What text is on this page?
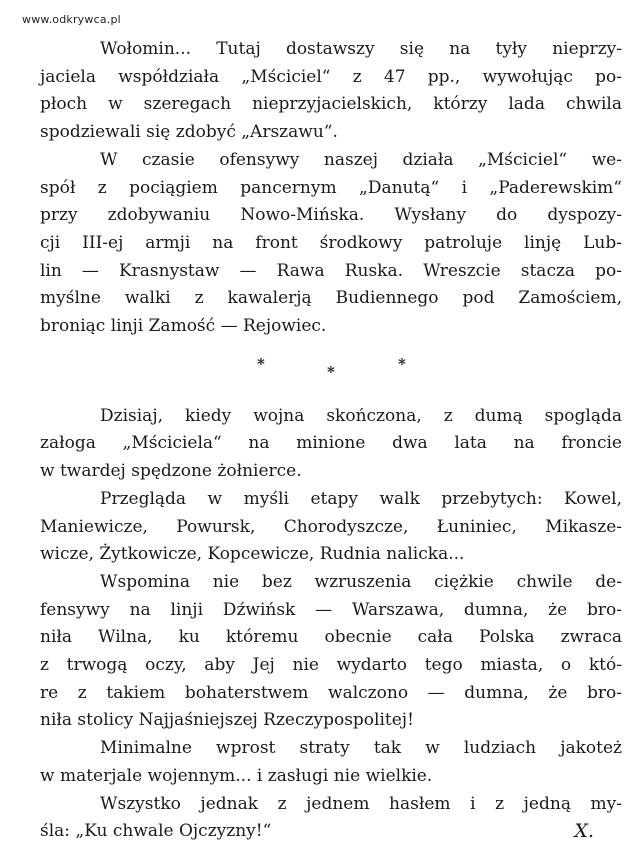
www.odkrywca.pl
Wołomin... Tutaj dostawszy się na tyły nieprzy-
jaciela współdziała „Mściciel“ z 47 pp., wywołując po-
płoch w szeregach nieprzyjacielskich, którzy lada chwila
spodziewali się zdobyć „Arszawu“.
W czasie ofensywy naszej działa „Mściciel“ we-
spół z pociągiem pancernym „Danutą“ i „Paderewskim“
przy zdobywaniu Nowo-Mińska. Wysłany do dyspozy-
cji III-ej armji na front środkowy patroluje linję Lub-
lin — Krasnystaw — Rawa Ruska. Wreszcie stacza po-
myślne walki z kawalerją Budiennego pod Zamościem,
broniąc linji Zamość — Rejowiec.
*	*	*
Dzisiaj, kiedy wojna skończona, z dumą spogląda
załoga „Mściciela“ na minione dwa lata na froncie
w twardej spędzone żołnierce.
Przegląda w myśli etapy walk przebytych: Kowel,
Maniewicze, Powursk, Chorodyszcze, Łuniniec, Mikasze-
wicze, Żytkowicze, Kopcewicze, Rudnia nalicka...
Wspomina nie bez wzruszenia ciężkie chwile de-
fensywy na linji Dźwińsk — Warszawa, dumna, że bro-
niła Wilna, ku któremu obecnie cała Polska zwraca
z trwogą oczy, aby Jej nie wydarto tego miasta, o któ-
re z takiem bohaterstwem walczono — dumna, że bro-
niła stolicy Najjaśniejszej Rzeczypospolitej!
Minimalne wprost straty tak w ludziach jakoteż
w materjale wojennym... i zasługi nie wielkie.
Wszystko jednak z jednem hasłem i z jedną my-
śla: „Ku chwale Ojczyzny!“	X.
